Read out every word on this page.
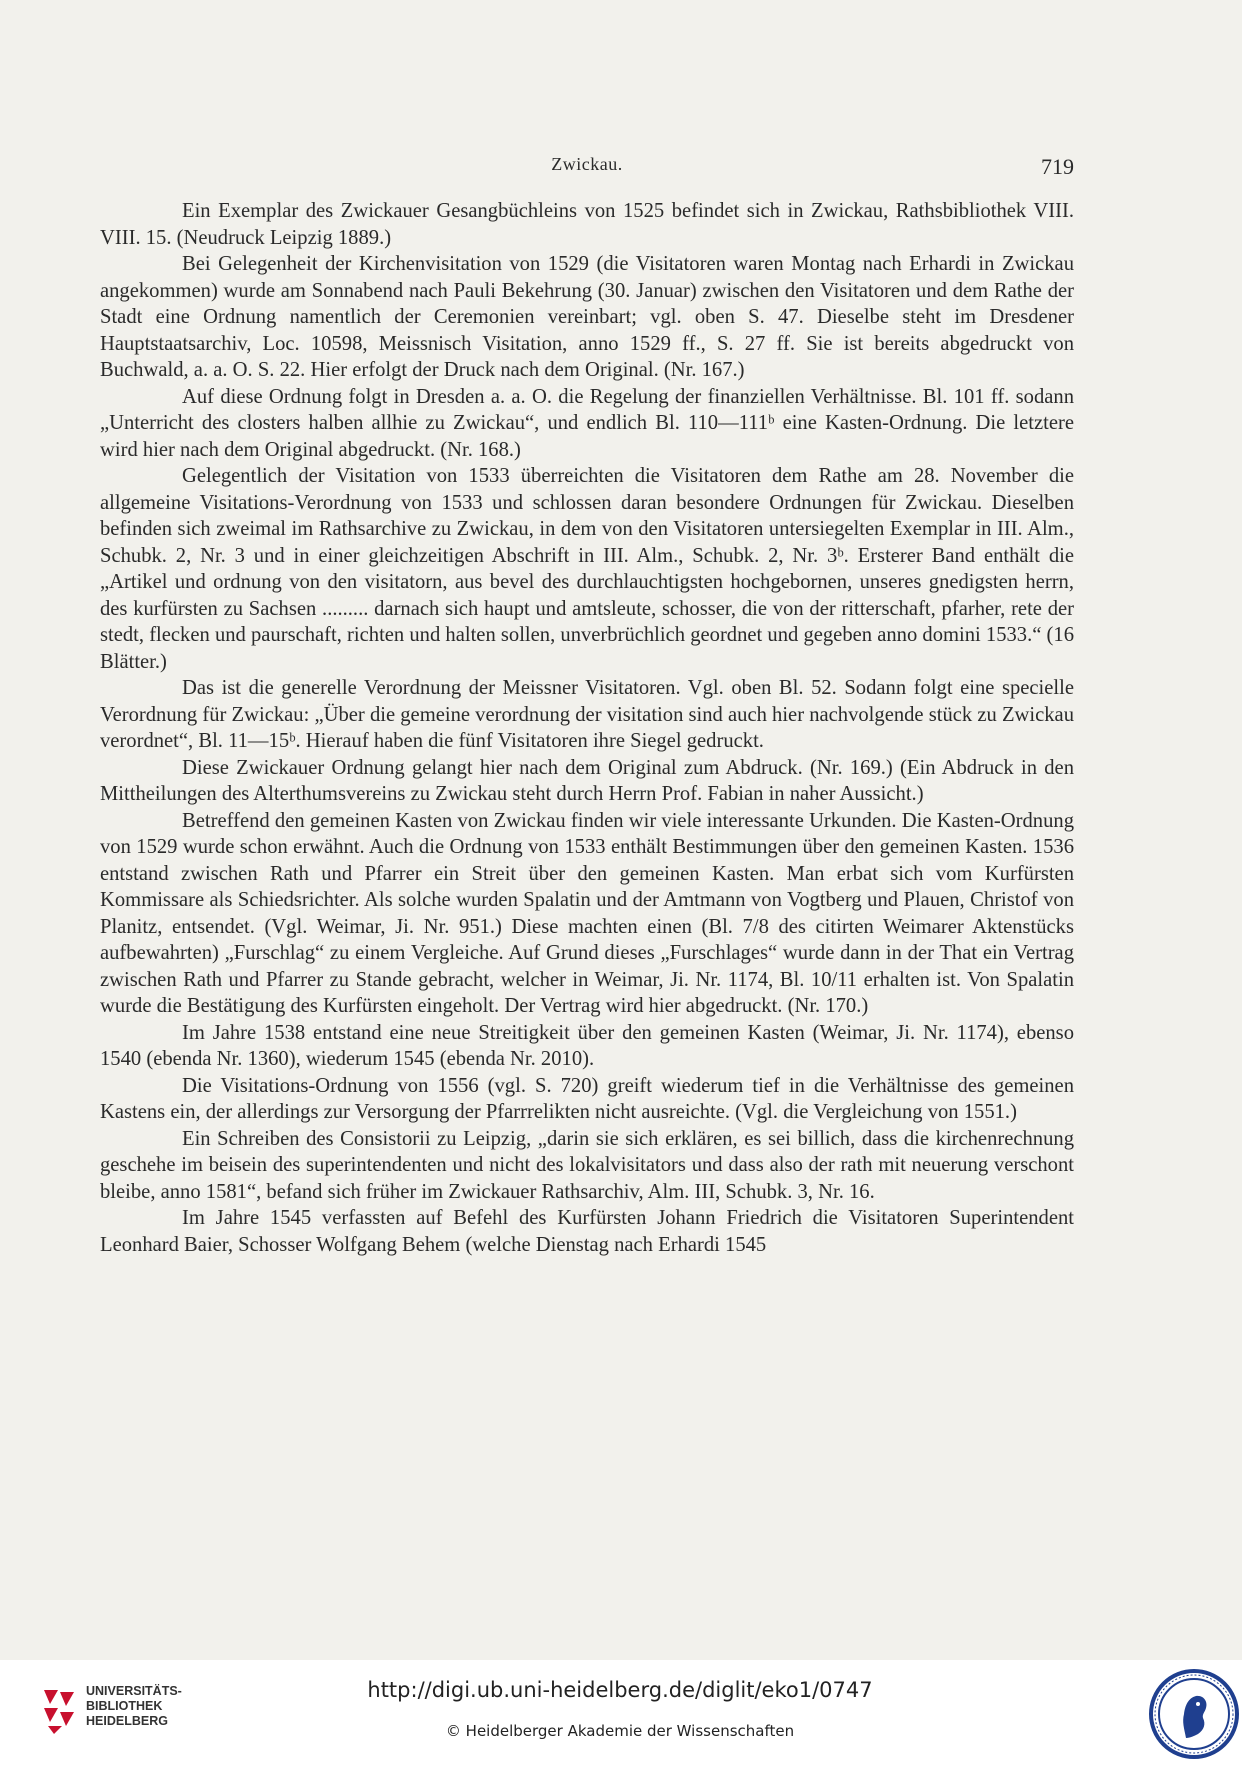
Zwickau.	719

Ein Exemplar des Zwickauer Gesangbüchleins von 1525 befindet sich in Zwickau, Rathsbibliothek VIII. VIII. 15. (Neudruck Leipzig 1889.)

Bei Gelegenheit der Kirchenvisitation von 1529 (die Visitatoren waren Montag nach Erhardi in Zwickau angekommen) wurde am Sonnabend nach Pauli Bekehrung (30. Januar) zwischen den Visitatoren und dem Rathe der Stadt eine Ordnung namentlich der Ceremonien vereinbart; vgl. oben S. 47. Dieselbe steht im Dresdener Hauptstaatsarchiv, Loc. 10598, Meissnisch Visitation, anno 1529 ff., S. 27 ff. Sie ist bereits abgedruckt von Buchwald, a. a. O. S. 22. Hier erfolgt der Druck nach dem Original. (Nr. 167.)

Auf diese Ordnung folgt in Dresden a. a. O. die Regelung der finanziellen Verhältnisse. Bl. 101 ff. sodann „Unterricht des closters halben allhie zu Zwickau“, und endlich Bl. 110—111ᵇ eine Kasten-Ordnung. Die letztere wird hier nach dem Original abgedruckt. (Nr. 168.)

Gelegentlich der Visitation von 1533 überreichten die Visitatoren dem Rathe am 28. November die allgemeine Visitations-Verordnung von 1533 und schlossen daran besondere Ordnungen für Zwickau. Dieselben befinden sich zweimal im Rathsarchive zu Zwickau, in dem von den Visitatoren untersiegelten Exemplar in III. Alm., Schubk. 2, Nr. 3 und in einer gleichzeitigen Abschrift in III. Alm., Schubk. 2, Nr. 3ᵇ. Ersterer Band enthält die „Artikel und ordnung von den visitatorn, aus bevel des durchlauchtigsten hochgebornen, unseres gnedigsten herrn, des kurfürsten zu Sachsen ......... darnach sich haupt und amtsleute, schosser, die von der ritterschaft, pfarher, rete der stedt, flecken und paurschaft, richten und halten sollen, unverbrüchlich geordnet und gegeben anno domini 1533.“ (16 Blätter.)

Das ist die generelle Verordnung der Meissner Visitatoren. Vgl. oben Bl. 52. Sodann folgt eine specielle Verordnung für Zwickau: „Über die gemeine verordnung der visitation sind auch hier nachvolgende stück zu Zwickau verordnet“, Bl. 11—15ᵇ. Hierauf haben die fünf Visitatoren ihre Siegel gedruckt.

Diese Zwickauer Ordnung gelangt hier nach dem Original zum Abdruck. (Nr. 169.) (Ein Abdruck in den Mittheilungen des Alterthumsvereins zu Zwickau steht durch Herrn Prof. Fabian in naher Aussicht.)

Betreffend den gemeinen Kasten von Zwickau finden wir viele interessante Urkunden. Die Kasten-Ordnung von 1529 wurde schon erwähnt. Auch die Ordnung von 1533 enthält Bestimmungen über den gemeinen Kasten. 1536 entstand zwischen Rath und Pfarrer ein Streit über den gemeinen Kasten. Man erbat sich vom Kurfürsten Kommissare als Schiedsrichter. Als solche wurden Spalatin und der Amtmann von Vogtberg und Plauen, Christof von Planitz, entsendet. (Vgl. Weimar, Ji. Nr. 951.) Diese machten einen (Bl. 7/8 des citirten Weimarer Aktenstücks aufbewahrten) „Furschlag“ zu einem Vergleiche. Auf Grund dieses „Furschlages“ wurde dann in der That ein Vertrag zwischen Rath und Pfarrer zu Stande gebracht, welcher in Weimar, Ji. Nr. 1174, Bl. 10/11 erhalten ist. Von Spalatin wurde die Bestätigung des Kurfürsten eingeholt. Der Vertrag wird hier abgedruckt. (Nr. 170.)

Im Jahre 1538 entstand eine neue Streitigkeit über den gemeinen Kasten (Weimar, Ji. Nr. 1174), ebenso 1540 (ebenda Nr. 1360), wiederum 1545 (ebenda Nr. 2010).

Die Visitations-Ordnung von 1556 (vgl. S. 720) greift wiederum tief in die Verhältnisse des gemeinen Kastens ein, der allerdings zur Versorgung der Pfarrrelikten nicht ausreichte. (Vgl. die Vergleichung von 1551.)

Ein Schreiben des Consistorii zu Leipzig, „darin sie sich erklären, es sei billich, dass die kirchenrechnung geschehe im beisein des superintendenten und nicht des lokalvisitators und dass also der rath mit neuerung verschont bleibe, anno 1581“, befand sich früher im Zwickauer Rathsarchiv, Alm. III, Schubk. 3, Nr. 16.

Im Jahre 1545 verfassten auf Befehl des Kurfürsten Johann Friedrich die Visitatoren Superintendent Leonhard Baier, Schosser Wolfgang Behem (welche Dienstag nach Erhardi 1545

UNIVERSITÄTS-
BIBLIOTHEK
HEIDELBERG
http://digi.ub.uni-heidelberg.de/diglit/eko1/0747
© Heidelberger Akademie der Wissenschaften
